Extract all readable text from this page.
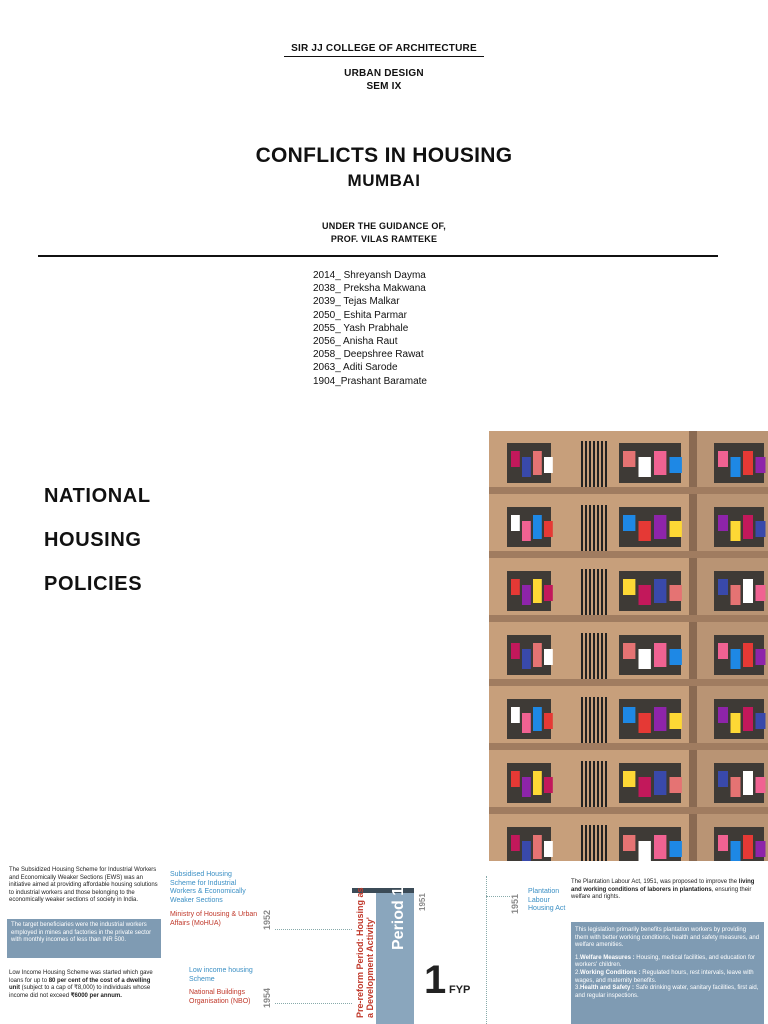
SIR JJ COLLEGE OF ARCHITECTURE
URBAN DESIGN
SEM IX
CONFLICTS IN HOUSING
MUMBAI
UNDER THE GUIDANCE OF,
PROF. VILAS RAMTEKE
2014_ Shreyansh Dayma
2038_ Preksha Makwana
2039_ Tejas Malkar
2050_ Eshita Parmar
2055_ Yash Prabhale
2056_ Anisha Raut
2058_ Deepshree Rawat
2063_ Aditi Sarode
1904_Prashant Baramate
NATIONAL
HOUSING
POLICIES
The Subsidized Housing Scheme for Industrial Workers and Economically Weaker Sections (EWS) was an initiative aimed at providing affordable housing solutions to industrial workers and those belonging to the economically weaker sections of society in India.
The target beneficiaries were the industrial workers employed in mines and factories in the private sector with monthly incomes of less than INR 500.
Low Income Housing Scheme was started which gave loans for up to 80 per cent of the cost of a dwelling unit (subject to a cap of ₹8,000) to individuals whose income did not exceed ₹6000 per annum.
Subsidised Housing Scheme for Industrial Workers & Economically Weaker Sections
Ministry of Housing & Urban Affairs (MoHUA)	1952
Low income housing Scheme
National Buildings Organisation (NBO)	1954	Pre-reform Period: Housing as a Development Activity' Period 1 1951
1 FYP
1951
Plantation Labour Housing Act
The Plantation Labour Act, 1951, was proposed to improve the living and working conditions of laborers in plantations, ensuring their welfare and rights.
This legislation primarily benefits plantation workers by providing them with better working conditions, health and safety measures, and welfare amenities.
1.Welfare Measures : Housing, medical facilities, and education for workers' children.
2.Working Conditions : Regulated hours, rest intervals, leave with wages, and maternity benefits.
3.Health and Safety : Safe drinking water, sanitary facilities, first aid, and regular inspections.
